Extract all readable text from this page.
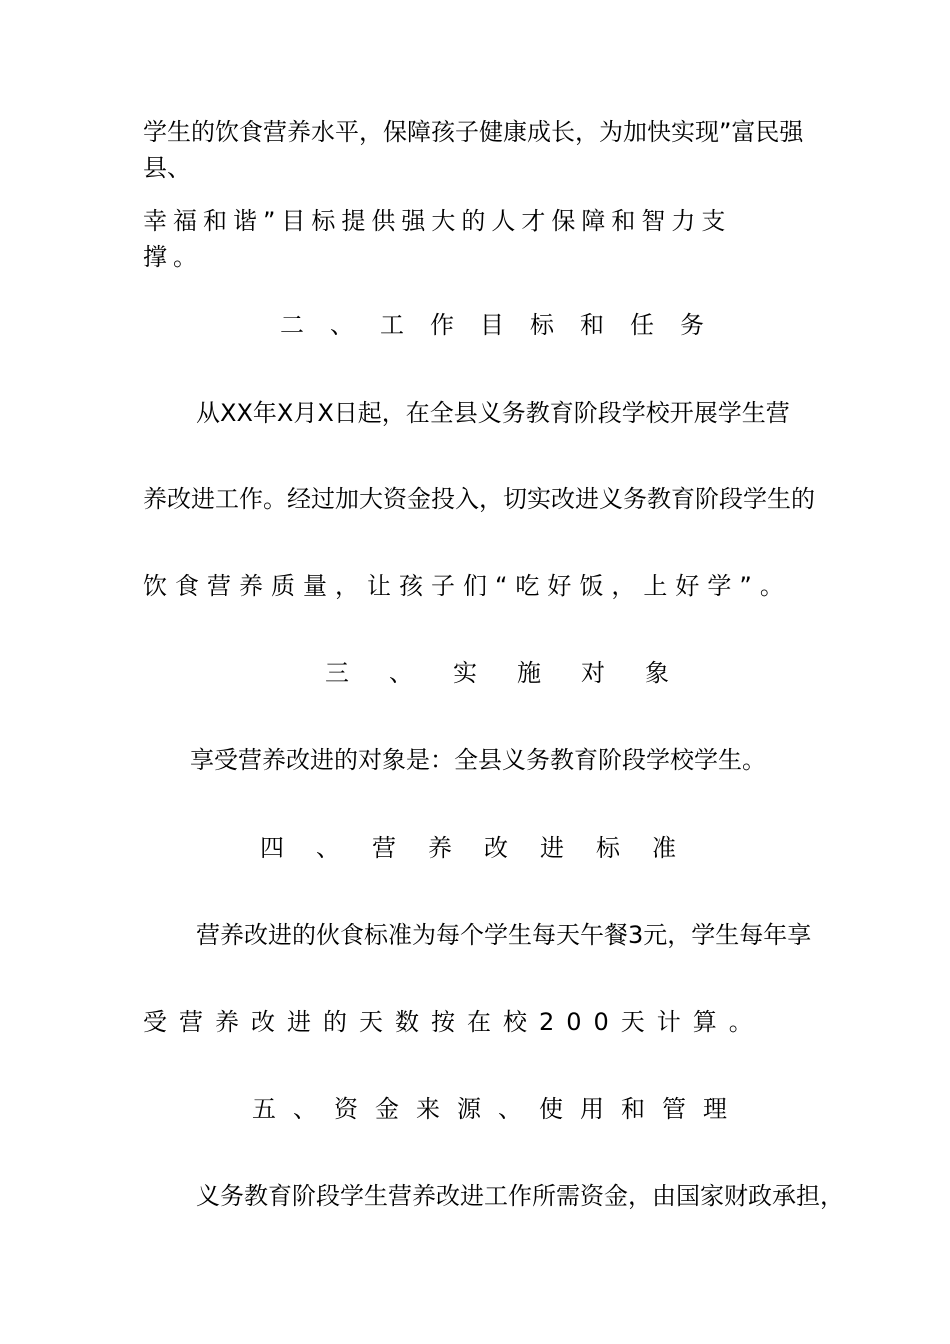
学生的饮食营养水平，保障孩子健康成长，为加快实现”富民强县、
幸福和谐”目标提供强大的人才保障和智力支撑。
二、工作目标和任务
从XX年X月X日起，在全县义务教育阶段学校开展学生营
养改进工作。经过加大资金投入，切实改进义务教育阶段学生的
饮食营养质量，让孩子们“吃好饭，上好学”。
三、实施对象
享受营养改进的对象是：全县义务教育阶段学校学生。
四、营养改进标准
营养改进的伙食标准为每个学生每天午餐3元，学生每年享
受营养改进的天数按在校200天计算。
五、资金来源、使用和管理
义务教育阶段学生营养改进工作所需资金，由国家财政承担，
